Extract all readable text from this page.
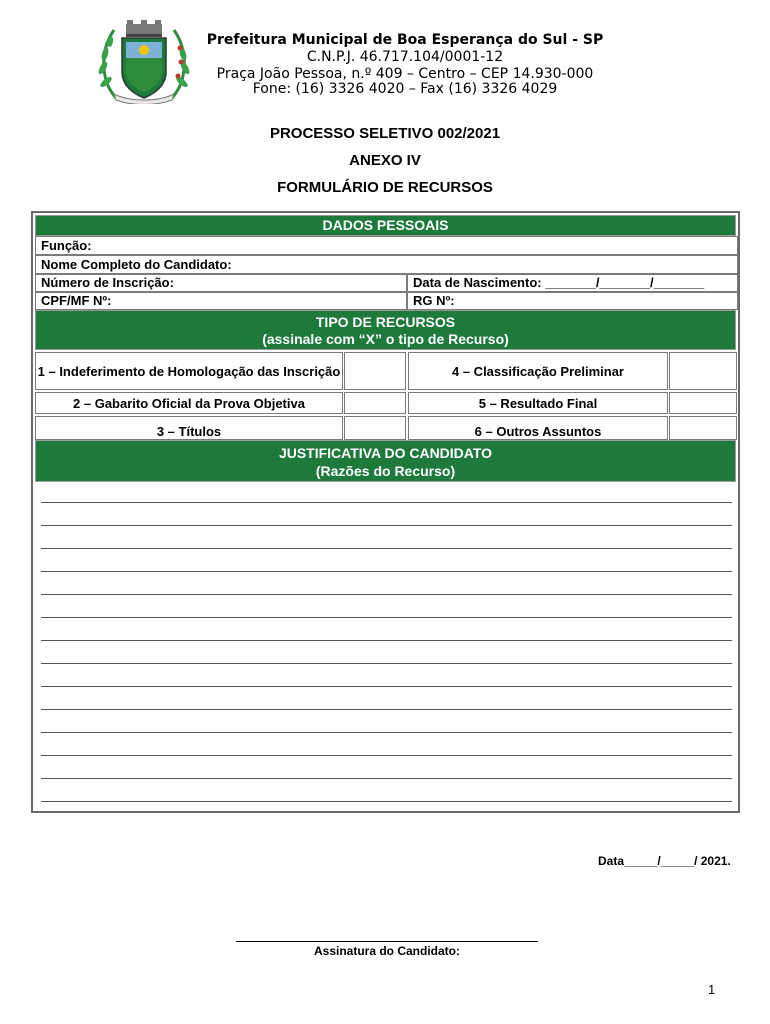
Prefeitura Municipal de Boa Esperança do Sul - SP
C.N.P.J. 46.717.104/0001-12
Praça João Pessoa, n.º 409 – Centro – CEP 14.930-000
Fone: (16) 3326 4020 – Fax (16) 3326 4029
PROCESSO SELETIVO 002/2021
ANEXO IV
FORMULÁRIO DE RECURSOS
DADOS PESSOAIS
Função:
Nome Completo do Candidato:
Número de Inscrição:	Data de Nascimento: _______/_______/_______
CPF/MF Nº:	RG Nº:
TIPO DE RECURSOS
(assinale com “X” o tipo de Recurso)
1 – Indeferimento de Homologação das Inscrição	4 – Classificação Preliminar
2 – Gabarito Oficial da Prova Objetiva	5 – Resultado Final
3 – Títulos	6 – Outros Assuntos
JUSTIFICATIVA DO CANDIDATO
(Razões do Recurso)
Data_____/_____/ 2021.
Assinatura do Candidato:
1
